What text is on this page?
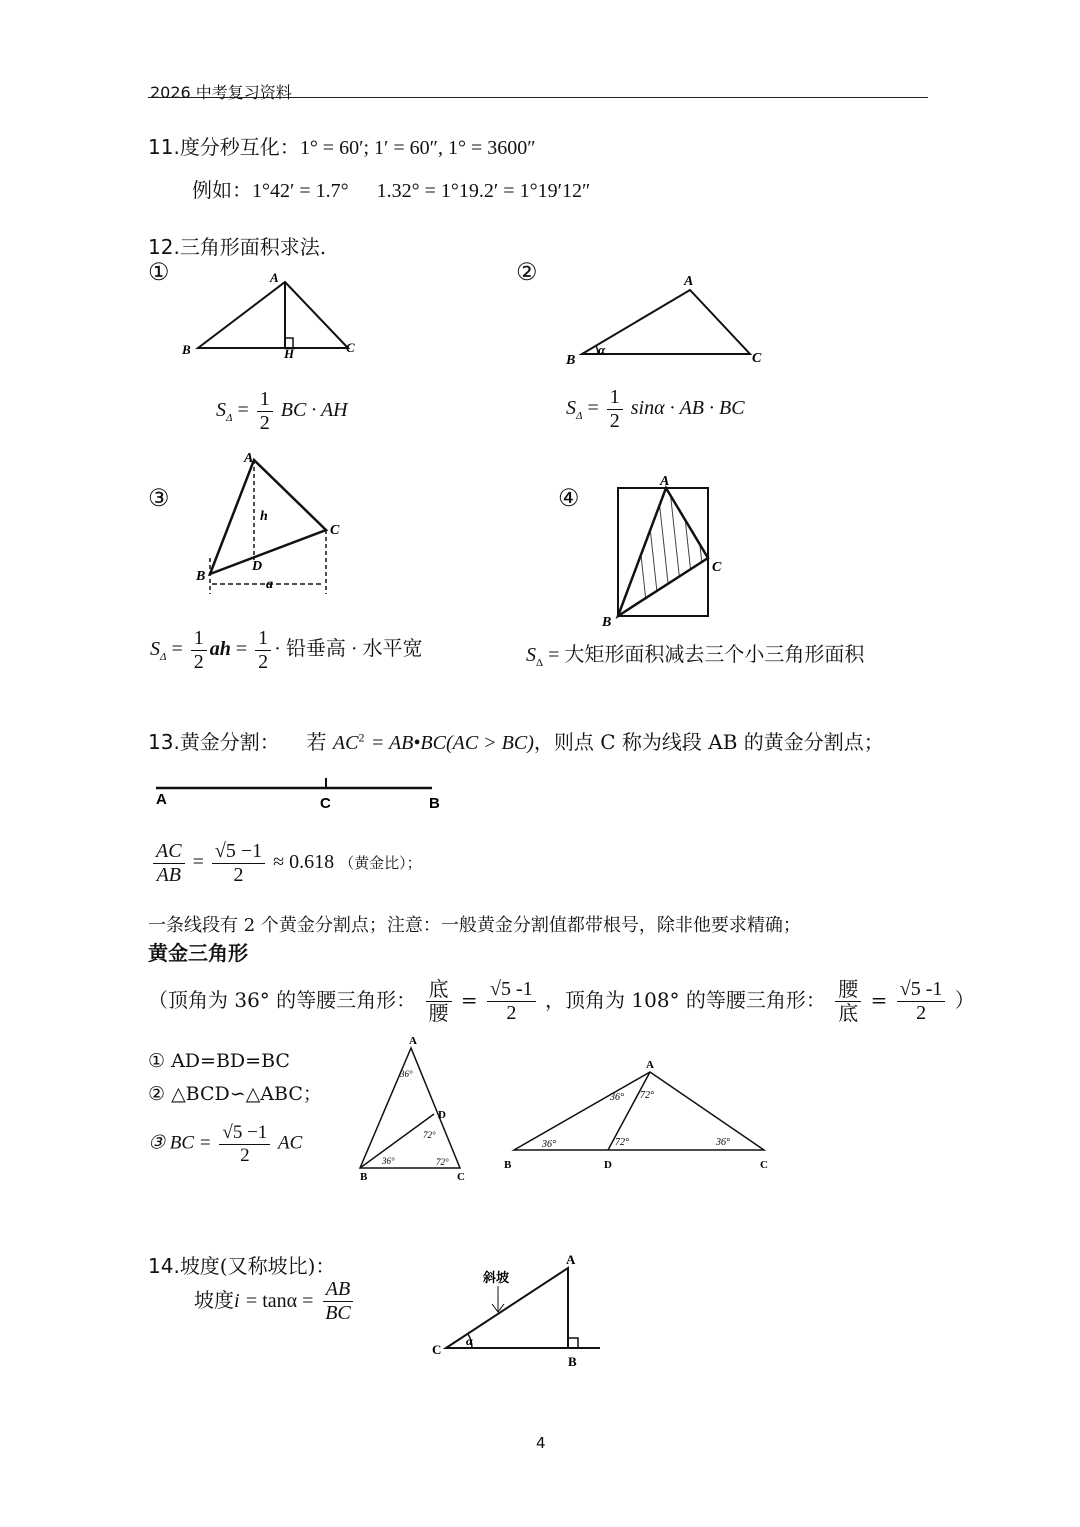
2026 中考复习资料
11.度分秒互化：1° = 60′; 1′ = 60″, 1° = 3600″
例如：1°42′ = 1.7° 1.32° = 1°19.2′ = 1°19′12″
12.三角形面积求法.
①	②
③	④
A
B	C
H
$S_\Delta = \frac{1}{2}$ BC · AH
A
B	C
α
$S_\Delta = \frac{1}{2}$ sinα · AB · BC
A
B
C
D
h
a
$S_\Delta = \frac{1}{2}$ ah = $\frac{1}{2}$ · 铅垂高 · 水平宽
A
B
C
$S_\Delta$ = 大矩形面积减去三个小三角形面积
13.黄金分割： 若 $AC^2$ = AB•BC(AC > BC)，则点 C 称为线段 AB 的黄金分割点；
A	C	B
$\frac{AC}{AB} = \frac{√5 -1}{2} \approx 0.618$ （黄金比）；
一条线段有 2 个黄金分割点；注意：一般黄金分割值都带根号，除非他要求精确；
黄金三角形
（顶角为 36° 的等腰三角形： $\frac{\text{底}}{\text{腰}} = \frac{√5 -1}{2}$ ，顶角为 108° 的等腰三角形： $\frac{\text{腰}}{\text{底}} = \frac{√5 -1}{2}$ ）
① AD=BD=BC
② △BCD∽△ABC；
③ BC = $\frac{√5 -1}{2}$ AC
A
B	C
D
36°
72°
36°	72°
A
B	D	C
36° 72°
36°	72°	36°
14.坡度(又称坡比)：
坡度$i = \tan\alpha = \frac{AB}{BC}$
A
C
B
斜坡
α
4
